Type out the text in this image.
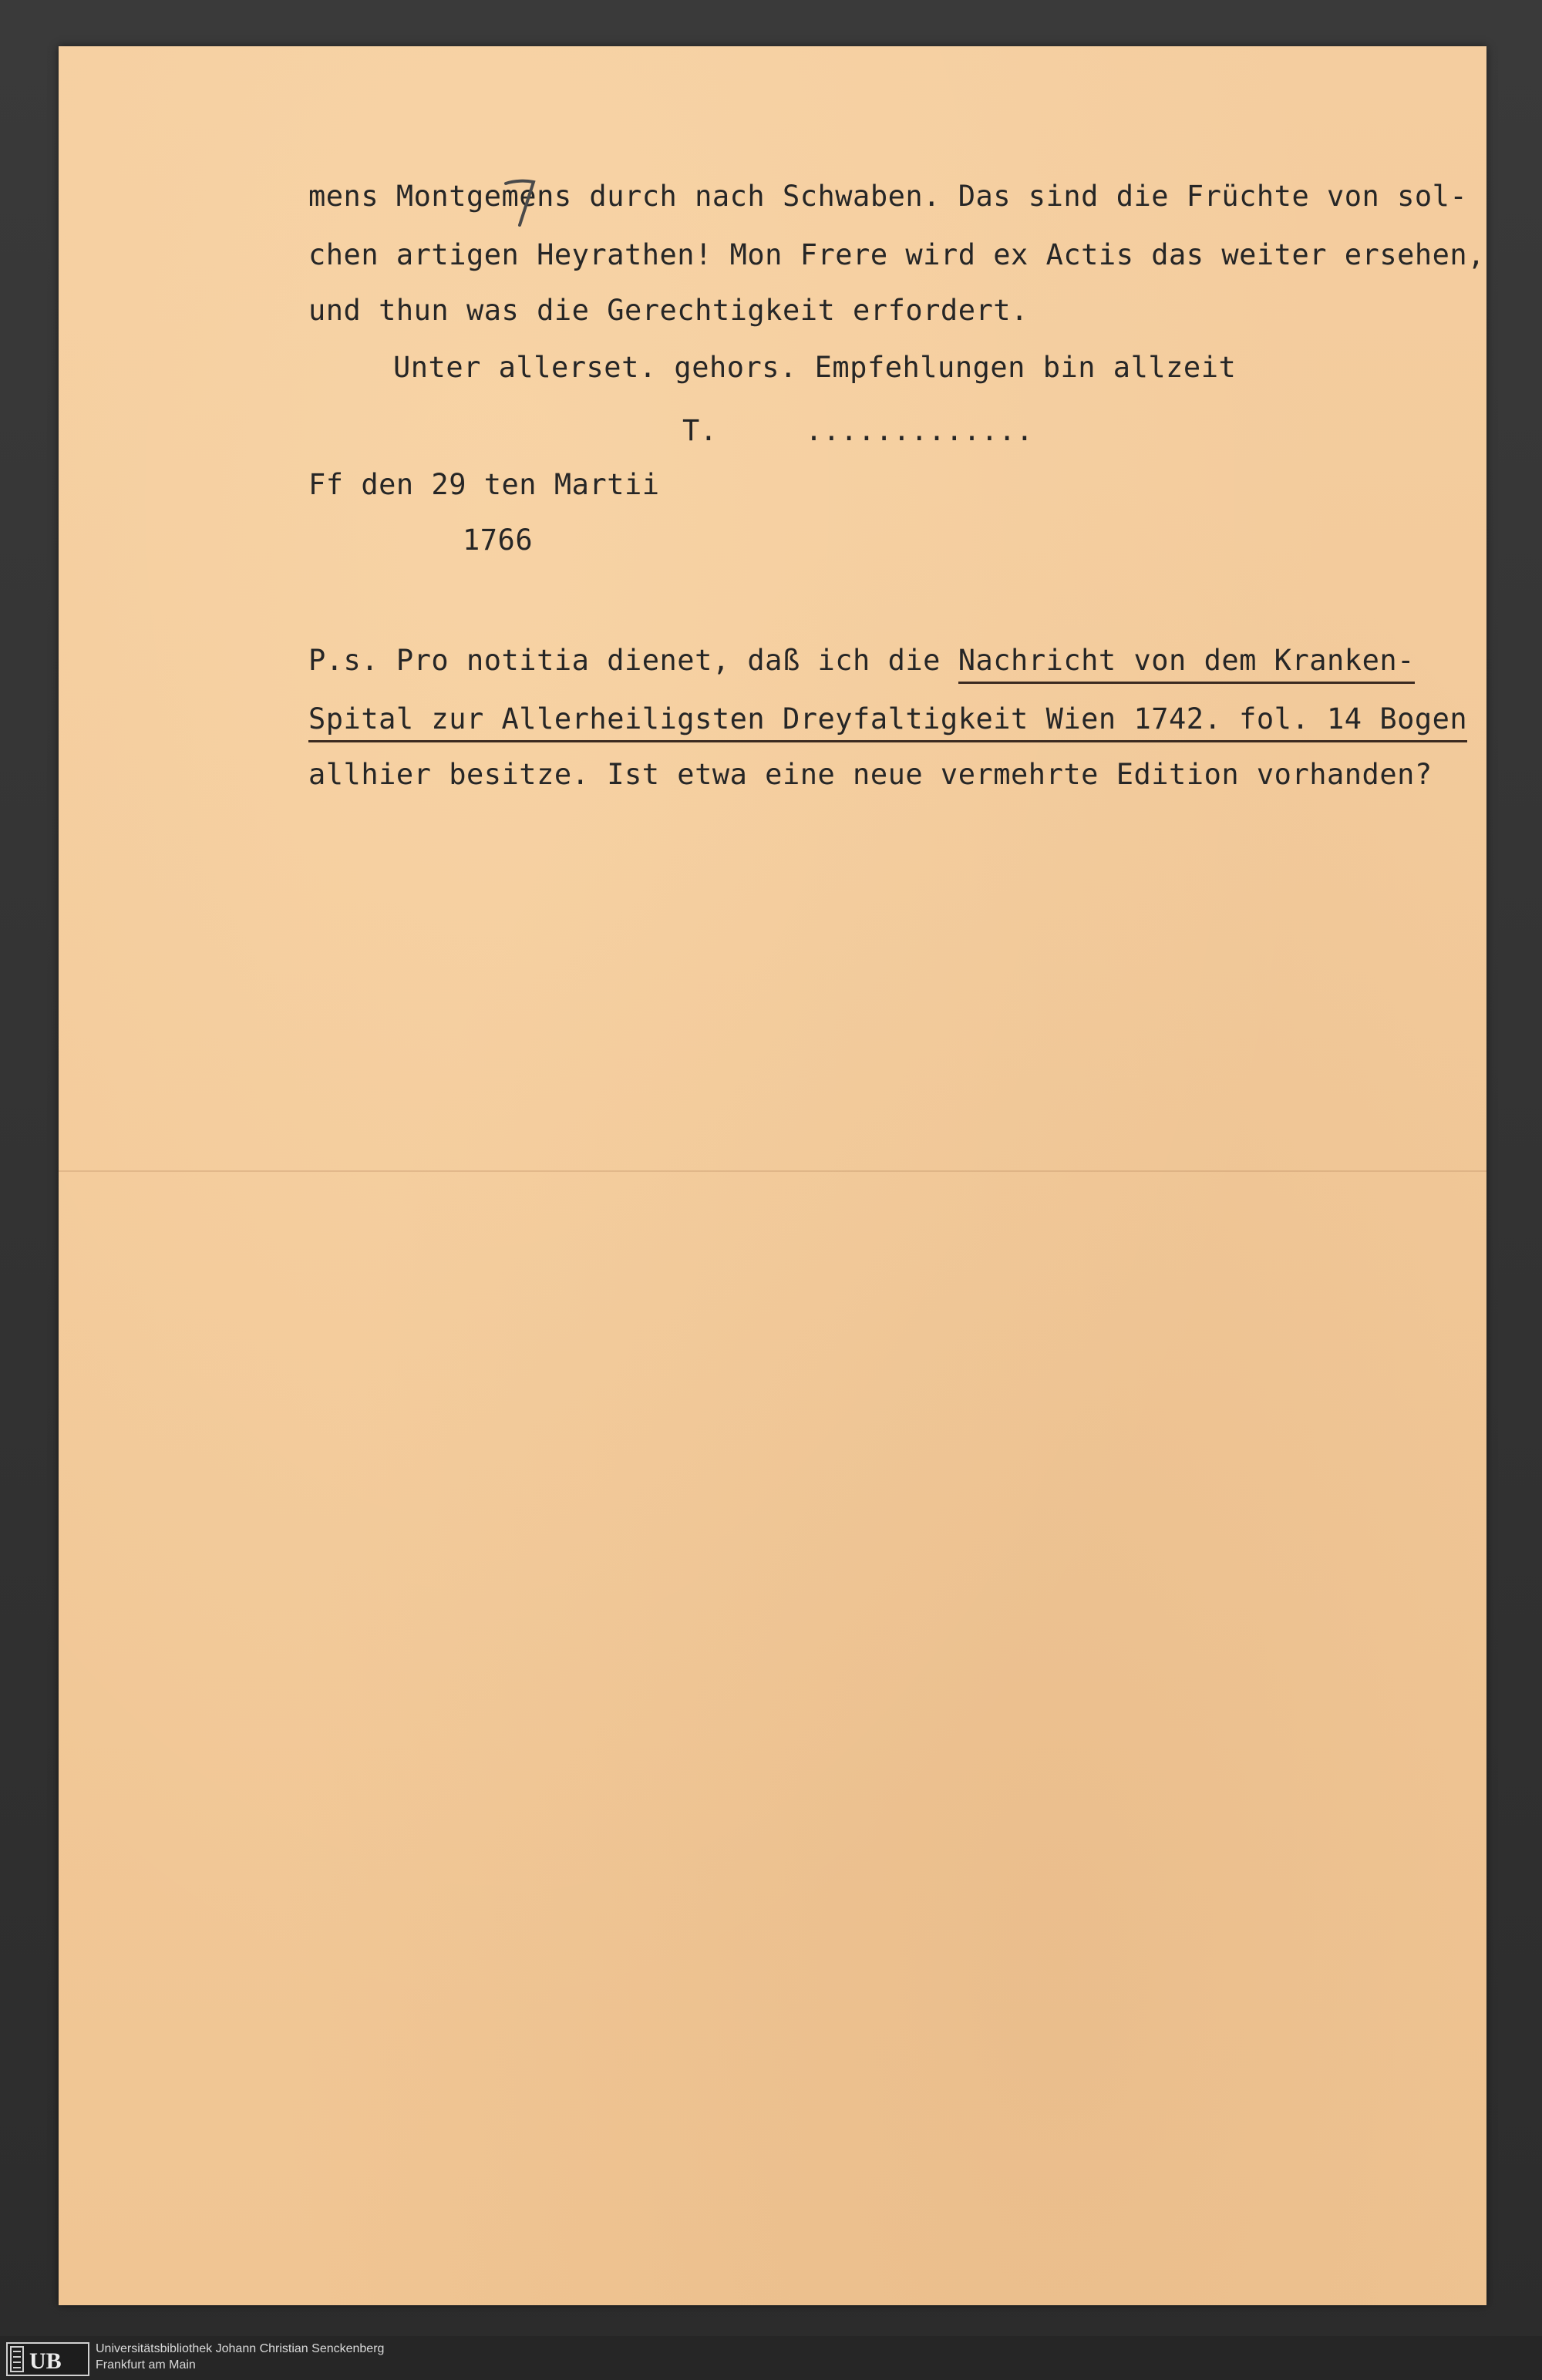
mens Montgemens durch nach Schwaben. Das sind die Früchte von sol-
chen artigen Heyrathen! Mon Frere wird ex Actis das weiter ersehen,
und thun was die Gerechtigkeit erfordert.
Unter allerset. gehors. Empfehlungen bin allzeit
T.     .............
Ff den 29 ten Martii
1766
P.s. Pro notitia dienet, daß ich die Nachricht von dem Kranken-
Spital zur Allerheiligsten Dreyfaltigkeit Wien 1742. fol. 14 Bogen
allhier besitze. Ist etwa eine neue vermehrte Edition vorhanden?
UB	Universitätsbibliothek Johann Christian Senckenberg
Frankfurt am Main
